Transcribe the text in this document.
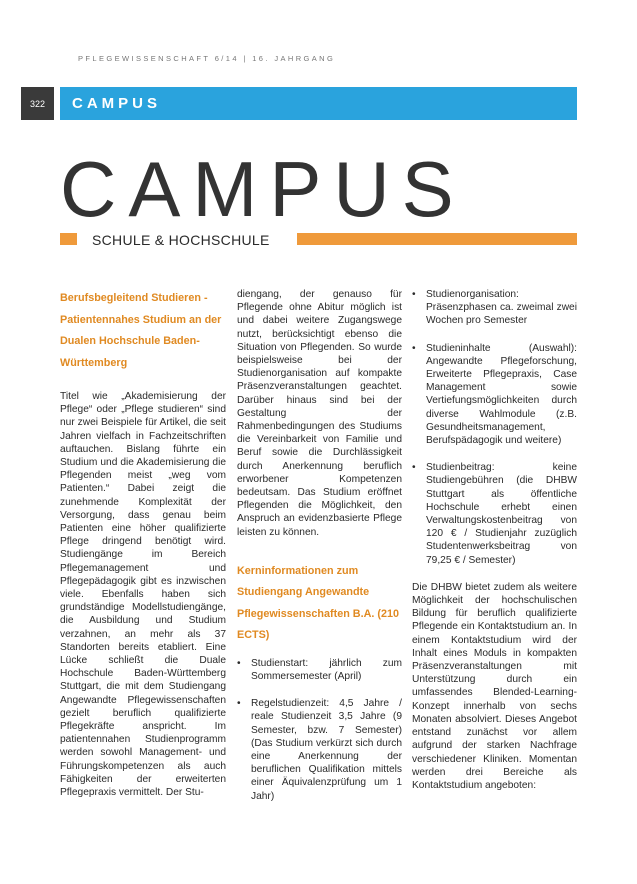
PFLEGEWISSENSCHAFT 6/14 | 16. JAHRGANG
322	CAMPUS
CAMPUS
SCHULE & HOCHSCHULE

Berufsbegleitend Studieren - Patientennahes Studium an der Dualen Hochschule Baden-Württemberg

Titel wie „Akademisierung der Pflege“ oder „Pflege studieren“ sind nur zwei Beispiele für Artikel, die seit Jahren vielfach in Fachzeitschriften auftauchen. Bislang führte ein Studium und die Akademisierung die Pflegenden meist „weg vom Patienten.“ Dabei zeigt die zunehmende Komplexität der Versorgung, dass genau beim Patienten eine höher qualifizierte Pflege dringend benötigt wird. Studiengänge im Bereich Pflegemanagement und Pflegepädagogik gibt es inzwischen viele. Ebenfalls haben sich grundständige Modellstudiengänge, die Ausbildung und Studium verzahnen, an mehr als 37 Standorten bereits etabliert. Eine Lücke schließt die Duale Hochschule Baden-Württemberg Stuttgart, die mit dem Studiengang Angewandte Pflegewissenschaften gezielt beruflich qualifizierte Pflegekräfte anspricht. Im patientennahen Studienprogramm werden sowohl Management- und Führungskompetenzen als auch Fähigkeiten der erweiterten Pflegepraxis vermittelt. Der Stu-

diengang, der genauso für Pflegende ohne Abitur möglich ist und dabei weitere Zugangswege nutzt, berücksichtigt ebenso die Situation von Pflegenden. So wurde beispielsweise bei der Studienorganisation auf kompakte Präsenzveranstaltungen geachtet. Darüber hinaus sind bei der Gestaltung der Rahmenbedingungen des Studiums die Vereinbarkeit von Familie und Beruf sowie die Durchlässigkeit durch Anerkennung beruflich erworbener Kompetenzen bedeutsam. Das Studium eröffnet Pflegenden die Möglichkeit, den Anspruch an evidenzbasierte Pflege leisten zu können.

Kerninformationen zum Studiengang Angewandte Pflegewissenschaften B.A. (210 ECTS)

• Studienstart: jährlich zum Sommersemester (April)
• Regelstudienzeit: 4,5 Jahre / reale Studienzeit 3,5 Jahre (9 Semester, bzw. 7 Semester) (Das Studium verkürzt sich durch eine Anerkennung der beruflichen Qualifikation mittels einer Äquivalenzprüfung um 1 Jahr)
• Studienorganisation: Präsenzphasen ca. zweimal zwei Wochen pro Semester
• Studieninhalte (Auswahl): Angewandte Pflegeforschung, Erweiterte Pflegepraxis, Case Management sowie Vertiefungsmöglichkeiten durch diverse Wahlmodule (z.B. Gesundheitsmanagement, Berufspädagogik und weitere)
• Studienbeitrag: keine Studiengebühren (die DHBW Stuttgart als öffentliche Hochschule erhebt einen Verwaltungskostenbeitrag von 120 € / Studienjahr zuzüglich Studentenwerksbeitrag von 79,25 € / Semester)

Die DHBW bietet zudem als weitere Möglichkeit der hochschulischen Bildung für beruflich qualifizierte Pflegende ein Kontaktstudium an. In einem Kontaktstudium wird der Inhalt eines Moduls in kompakten Präsenzveranstaltungen mit Unterstützung durch ein umfassendes Blended-Learning-Konzept innerhalb von sechs Monaten absolviert. Dieses Angebot entstand zunächst vor allem aufgrund der starken Nachfrage verschiedener Kliniken. Momentan werden drei Bereiche als Kontaktstudium angeboten:
